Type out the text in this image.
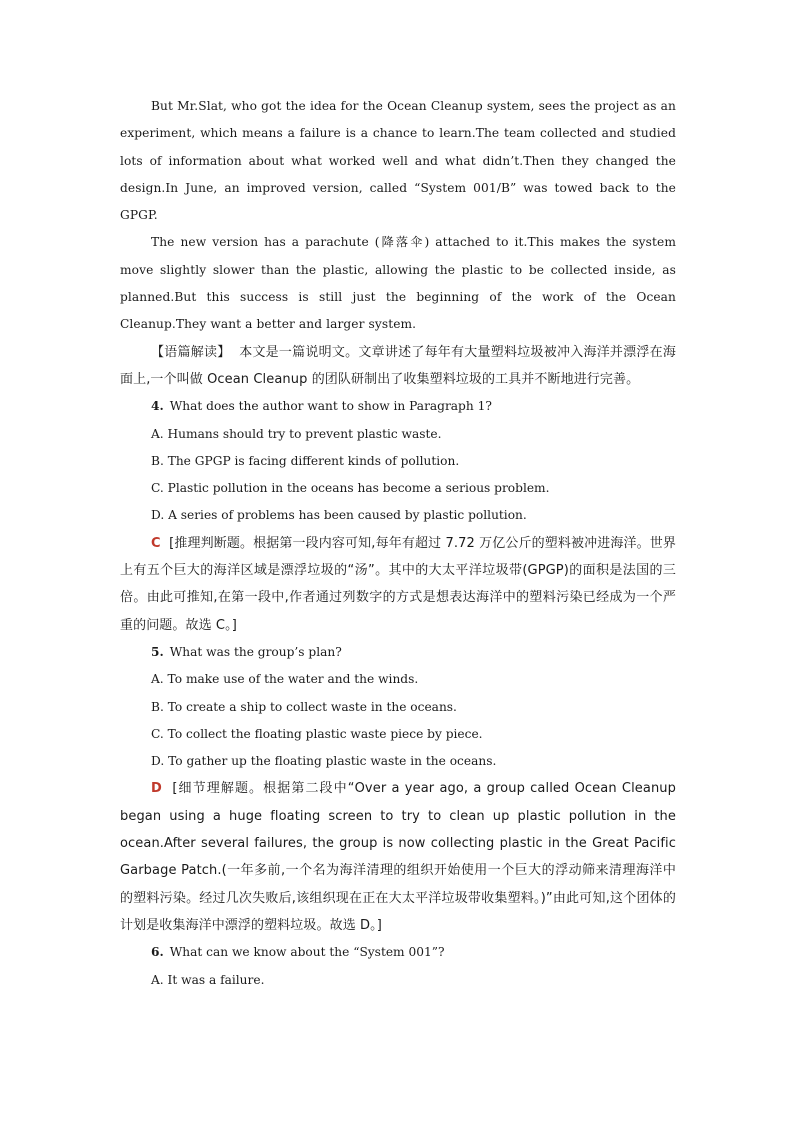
But Mr.Slat, who got the idea for the Ocean Cleanup system, sees the project as an experiment, which means a failure is a chance to learn.The team collected and studied lots of information about what worked well and what didn’t.Then they changed the design.In June, an improved version, called “System 001/B” was towed back to the GPGP.

The new version has a parachute (降落伞) attached to it.This makes the system move slightly slower than the plastic, allowing the plastic to be collected inside, as planned.But this success is still just the beginning of the work of the Ocean Cleanup.They want a better and larger system.

【语篇解读】 本文是一篇说明文。文章讲述了每年有大量塑料垃圾被冲入海洋并漂浮在海面上,一个叫做 Ocean Cleanup 的团队研制出了收集塑料垃圾的工具并不断地进行完善。

4. What does the author want to show in Paragraph 1?

A. Humans should try to prevent plastic waste.

B. The GPGP is facing different kinds of pollution.

C. Plastic pollution in the oceans has become a serious problem.

D. A series of problems has been caused by plastic pollution.

C [推理判断题。根据第一段内容可知,每年有超过 7.72 万亿公斤的塑料被冲进海洋。世界上有五个巨大的海洋区域是漂浮垃圾的“汤”。其中的大太平洋垃圾带(GPGP)的面积是法国的三倍。由此可推知,在第一段中,作者通过列数字的方式是想表达海洋中的塑料污染已经成为一个严重的问题。故选 C。]

5. What was the group’s plan?

A. To make use of the water and the winds.

B. To create a ship to collect waste in the oceans.

C. To collect the floating plastic waste piece by piece.

D. To gather up the floating plastic waste in the oceans.

D [细节理解题。根据第二段中“Over a year ago, a group called Ocean Cleanup began using a huge floating screen to try to clean up plastic pollution in the ocean.After several failures, the group is now collecting plastic in the Great Pacific Garbage Patch.(一年多前,一个名为海洋清理的组织开始使用一个巨大的浮动筛来清理海洋中的塑料污染。经过几次失败后,该组织现在正在大太平洋垃圾带收集塑料。)”由此可知,这个团体的计划是收集海洋中漂浮的塑料垃圾。故选 D。]

6. What can we know about the “System 001”?

A. It was a failure.
